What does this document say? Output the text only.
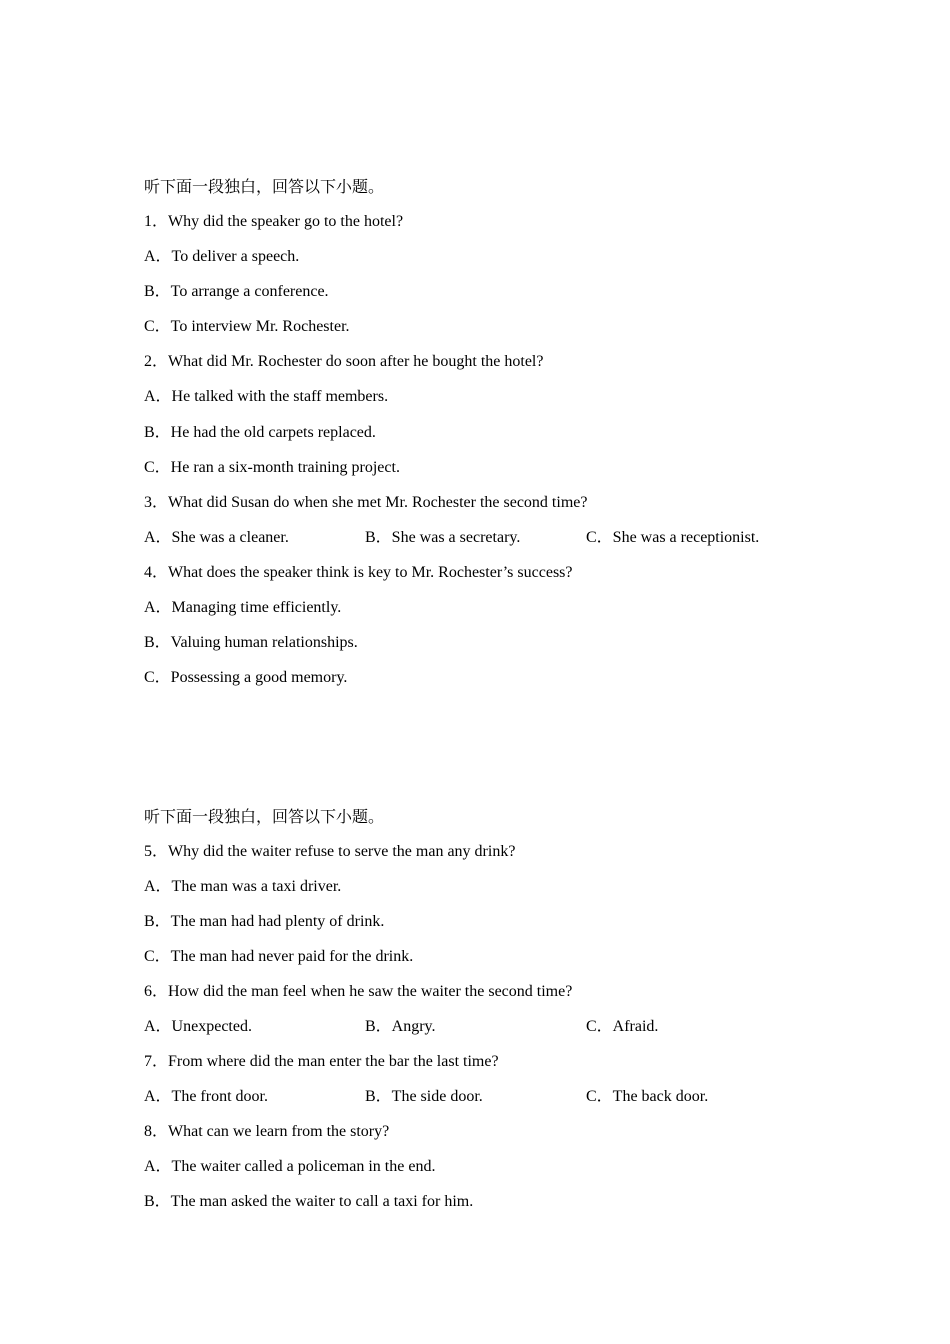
听下面一段独白，回答以下小题。
1．Why did the speaker go to the hotel?
A．To deliver a speech.
B．To arrange a conference.
C．To interview Mr. Rochester.
2．What did Mr. Rochester do soon after he bought the hotel?
A．He talked with the staff members.
B．He had the old carpets replaced.
C．He ran a six-month training project.
3．What did Susan do when she met Mr. Rochester the second time?
A．She was a cleaner.	B．She was a secretary.	C．She was a receptionist.
4．What does the speaker think is key to Mr. Rochester’s success?
A．Managing time efficiently.
B．Valuing human relationships.
C．Possessing a good memory.
听下面一段独白，回答以下小题。
5．Why did the waiter refuse to serve the man any drink?
A．The man was a taxi driver.
B．The man had had plenty of drink.
C．The man had never paid for the drink.
6．How did the man feel when he saw the waiter the second time?
A．Unexpected.	B．Angry.	C．Afraid.
7．From where did the man enter the bar the last time?
A．The front door.	B．The side door.	C．The back door.
8．What can we learn from the story?
A．The waiter called a policeman in the end.
B．The man asked the waiter to call a taxi for him.
